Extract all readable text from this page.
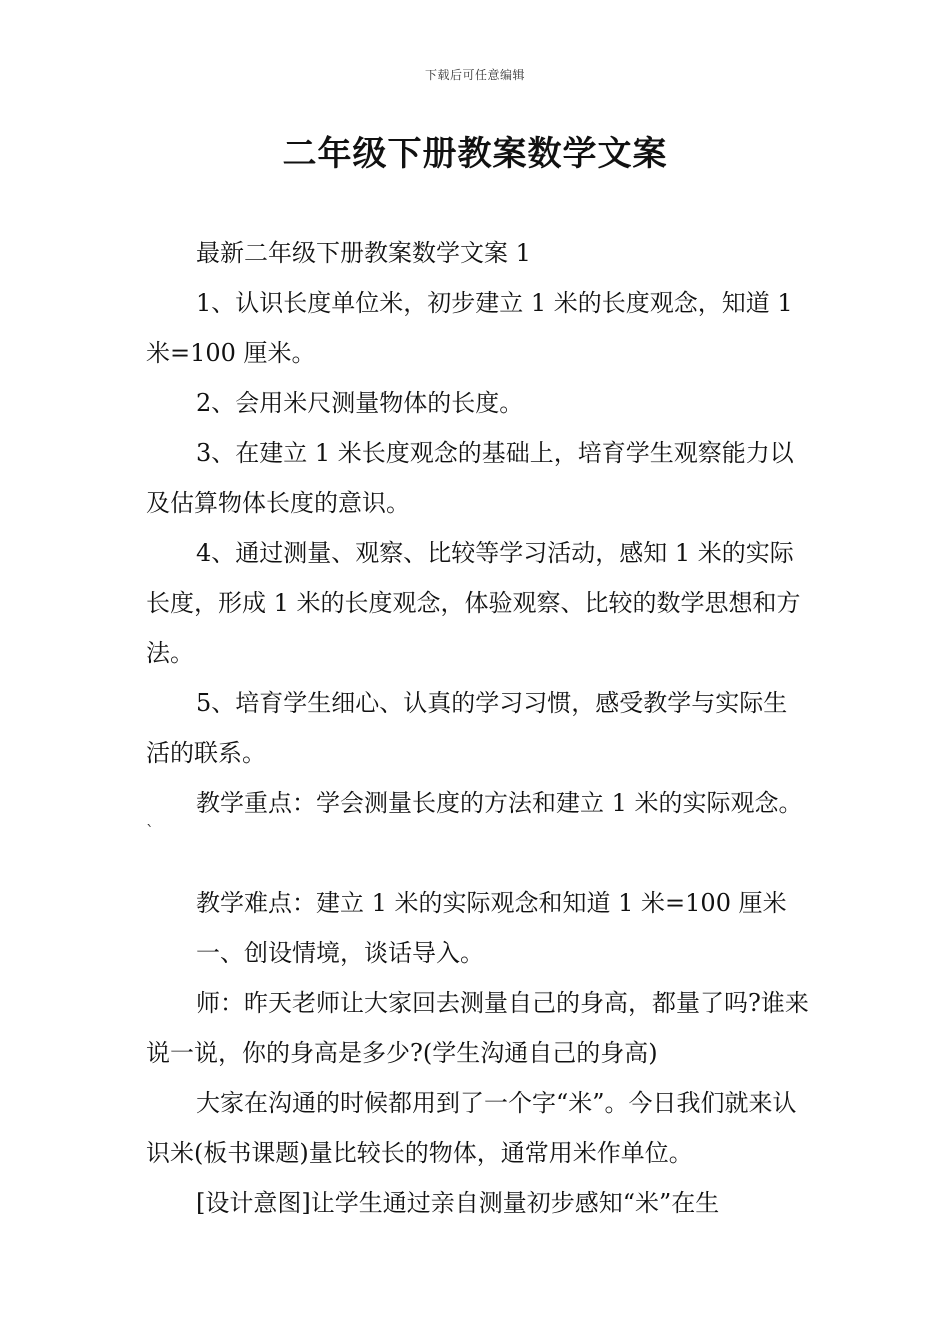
下载后可任意编辑
二年级下册教案数学文案

最新二年级下册教案数学文案 1

1、认识长度单位米，初步建立 1 米的长度观念，知道 1 米=100 厘米。

2、会用米尺测量物体的长度。

3、在建立 1 米长度观念的基础上，培育学生观察能力以及估算物体长度的意识。

4、通过测量、观察、比较等学习活动，感知 1 米的实际长度，形成 1 米的长度观念，体验观察、比较的数学思想和方法。

5、培育学生细心、认真的学习习惯，感受教学与实际生活的联系。

教学重点：学会测量长度的方法和建立 1 米的实际观念。

教学难点：建立 1 米的实际观念和知道 1 米=100 厘米

一、创设情境，谈话导入。

师：昨天老师让大家回去测量自己的身高，都量了吗?谁来说一说，你的身高是多少?(学生沟通自己的身高)

大家在沟通的时候都用到了一个字“米”。今日我们就来认识米(板书课题)量比较长的物体，通常用米作单位。

[设计意图]让学生通过亲自测量初步感知“米”在生

`
